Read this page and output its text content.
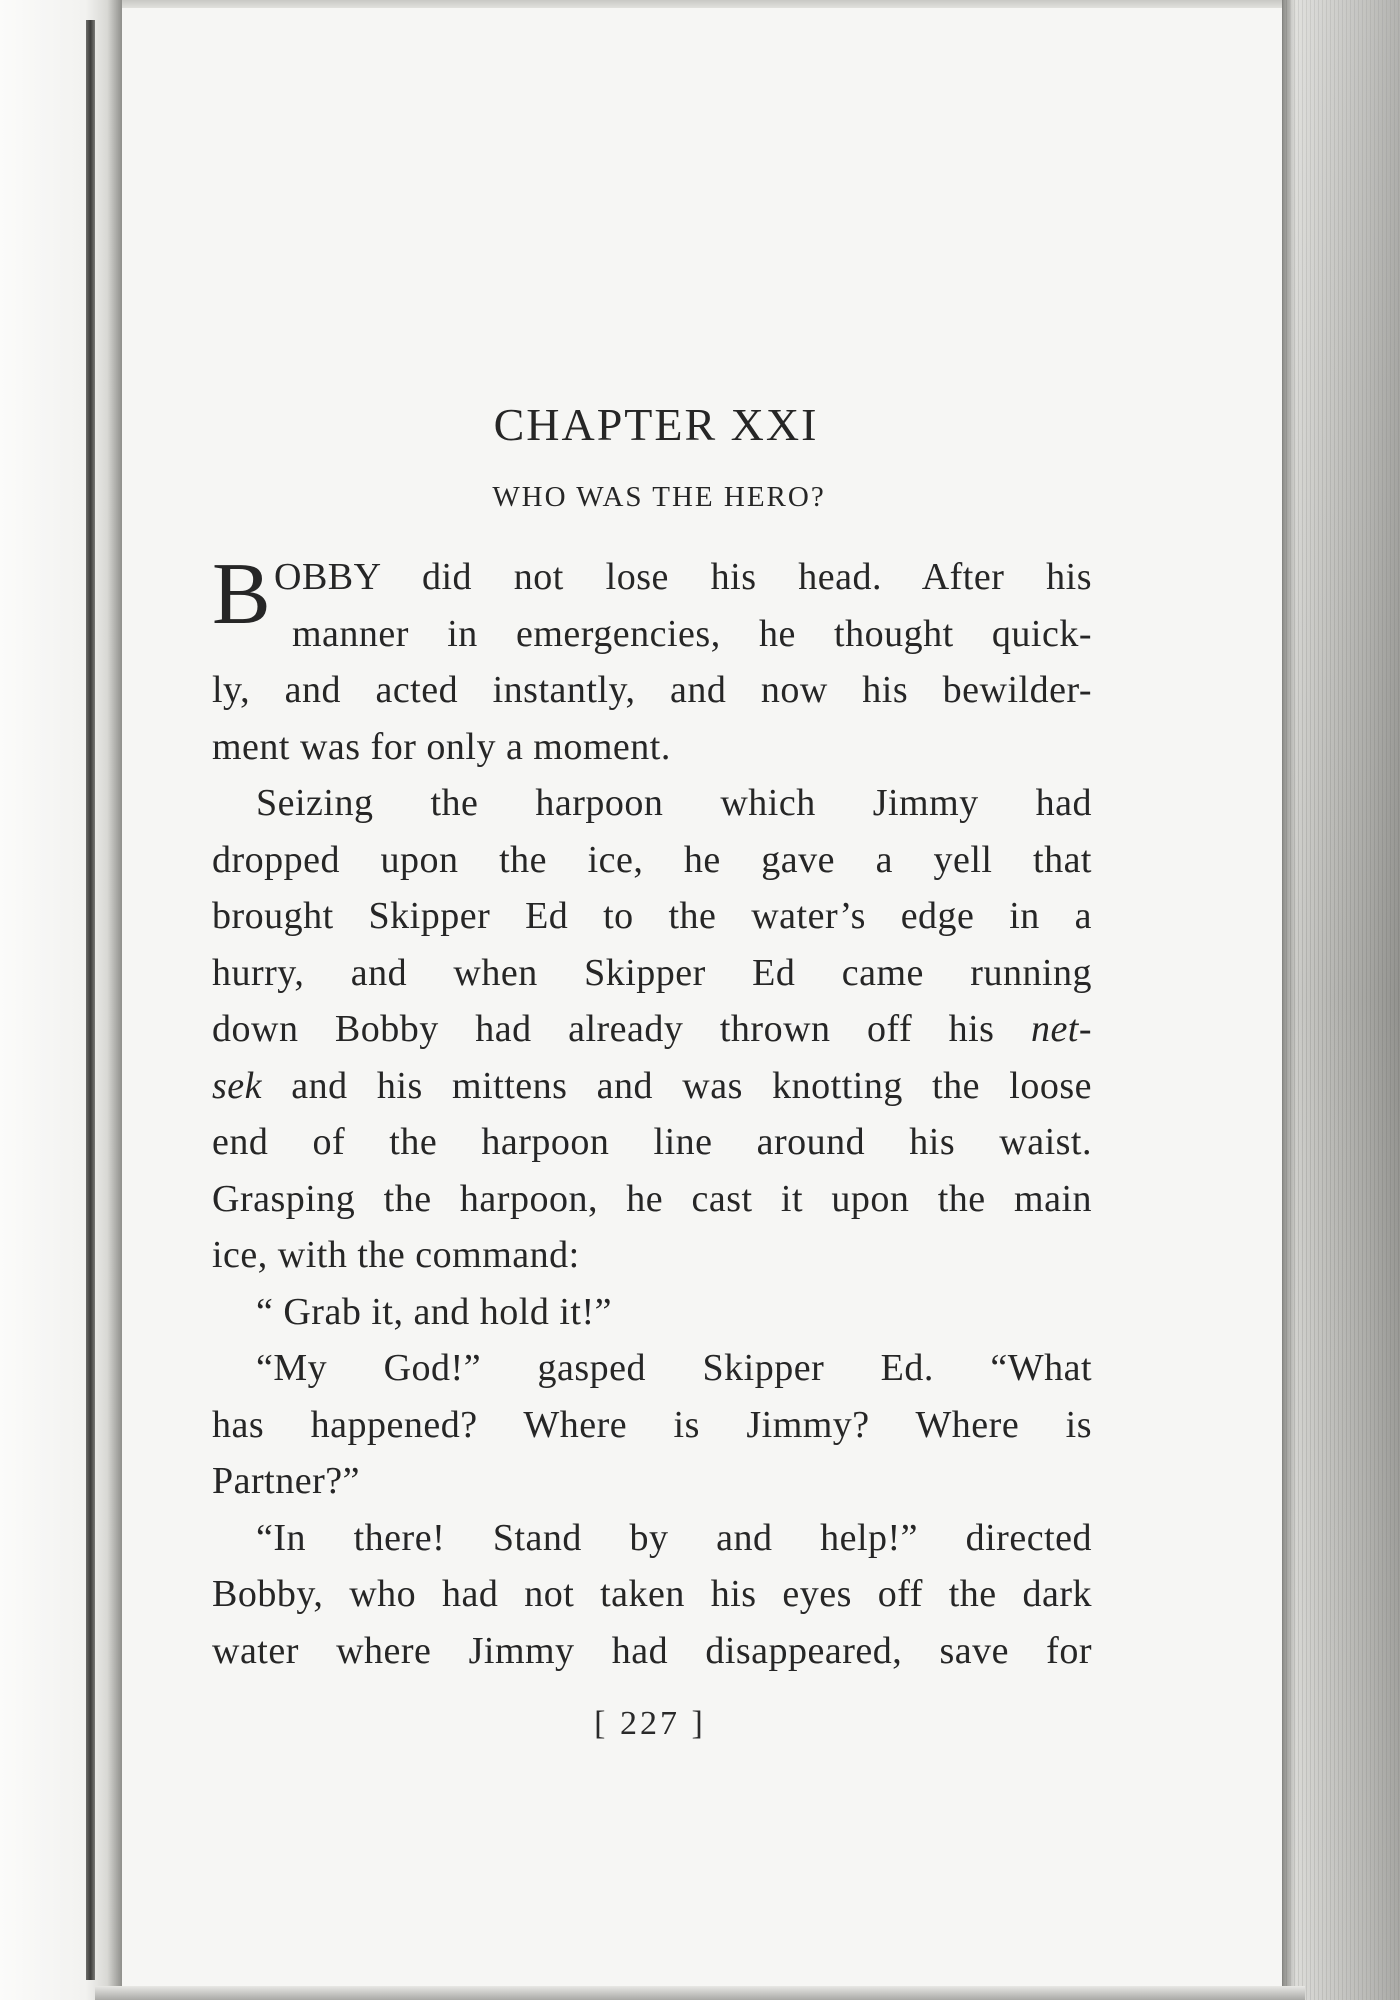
CHAPTER XXI
WHO WAS THE HERO?
B OBBY did not lose his head. After his
manner in emergencies, he thought quick-
ly, and acted instantly, and now his bewilder-
ment was for only a moment.
Seizing the harpoon which Jimmy had
dropped upon the ice, he gave a yell that
brought Skipper Ed to the water’s edge in a
hurry, and when Skipper Ed came running
down Bobby had already thrown off his net-
sek and his mittens and was knotting the loose
end of the harpoon line around his waist.
Grasping the harpoon, he cast it upon the main
ice, with the command:
“ Grab it, and hold it!”
“My God!” gasped Skipper Ed. “What
has happened? Where is Jimmy? Where is
Partner?”
“In there! Stand by and help!” directed
Bobby, who had not taken his eyes off the dark
water where Jimmy had disappeared, save for
[ 227 ]
